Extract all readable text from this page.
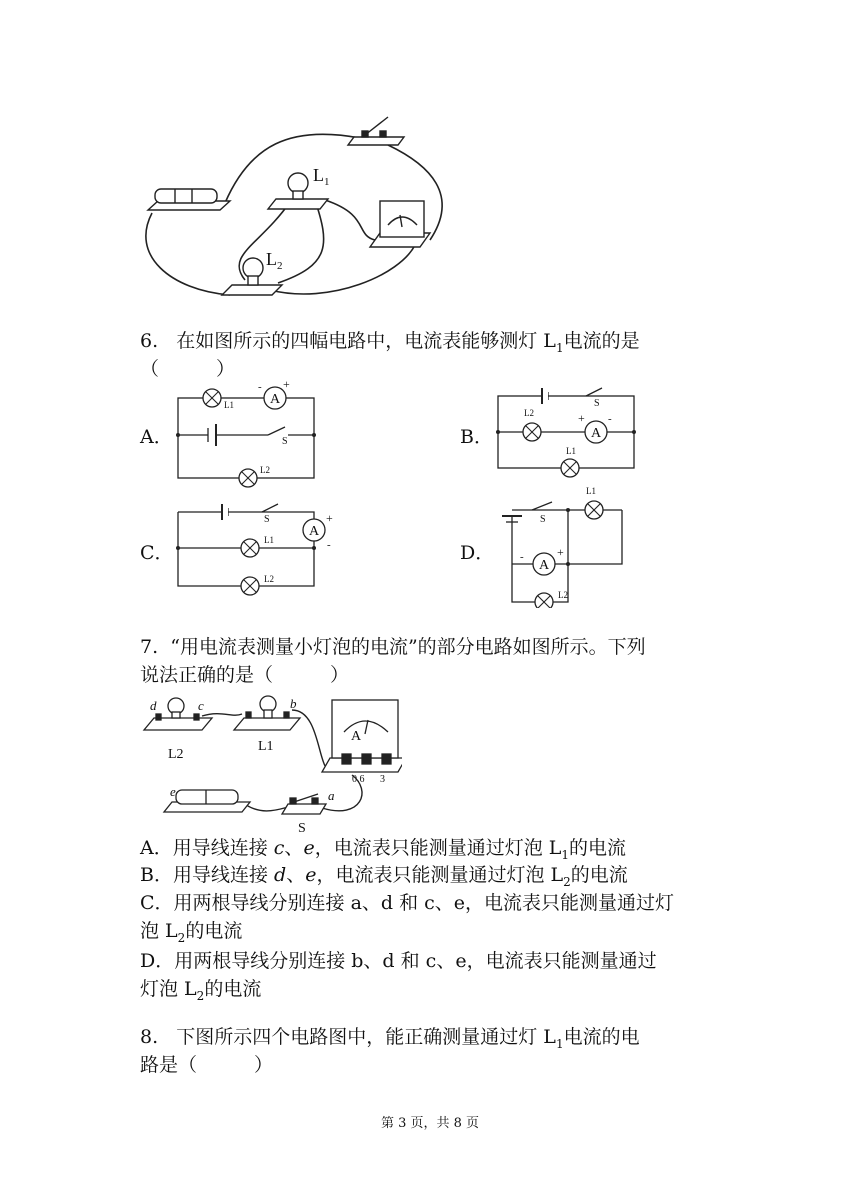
$L_1$
$L_2$
6. 在如图所示的四幅电路中，电流表能够测灯 $L_1$电流的是
（　　　）
A．	B．
C．	D．
A
- +
L1
L2
S
A
+ -
L2
L1
S
A
+
-
L1
L2
S
A
-	+
L1
L2
S
7. “用电流表测量小灯泡的电流”的部分电路如图所示。下列
说法正确的是（　　　）
d	c	b
a
e
L2
L1
S
A
0.6 3
A．用导线连接 c、e，电流表只能测量通过灯泡 $L_1$的电流
B．用导线连接 d、e，电流表只能测量通过灯泡 $L_2$的电流
C．用两根导线分别连接 a、d 和 c、e，电流表只能测量通过灯
泡 $L_2$的电流
D．用两根导线分别连接 b、d 和 c、e，电流表只能测量通过
灯泡 $L_2$的电流
8. 下图所示四个电路图中，能正确测量通过灯 $L_1$电流的电
路是（　　　）
第 3 页，共 8 页
